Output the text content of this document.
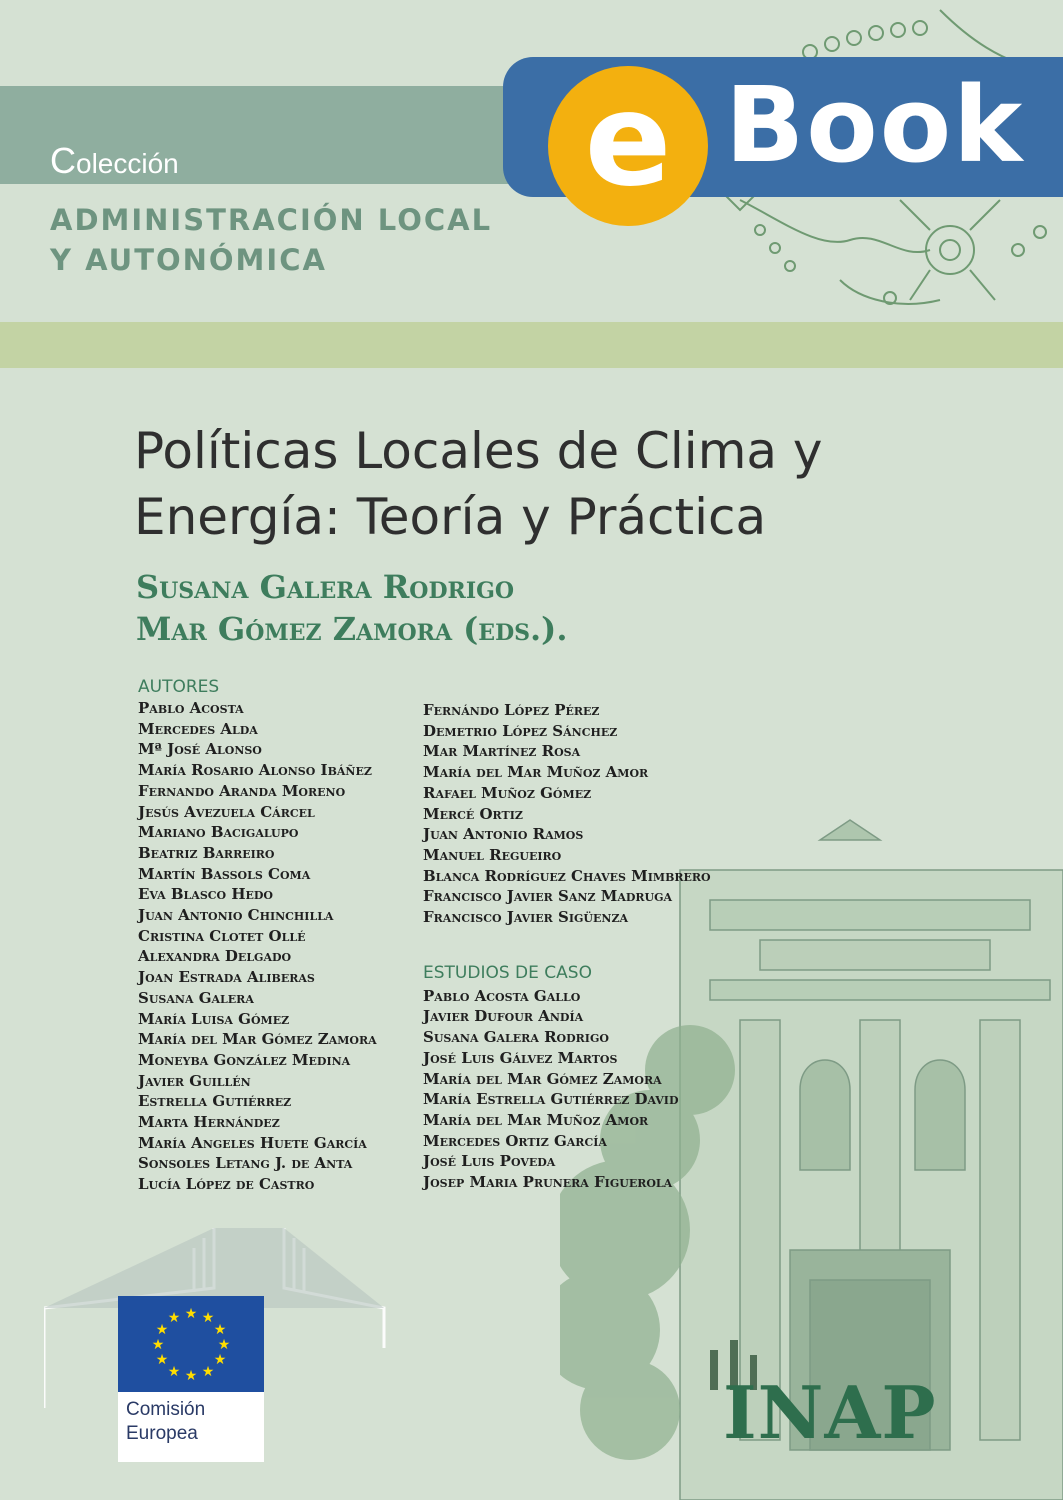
Colección
ADMINISTRACIÓN LOCAL
Y AUTONÓMICA
e Book
Políticas Locales de Clima y
Energía: Teoría y Práctica
Susana Galera Rodrigo
Mar Gómez Zamora (eds.).
AUTORES
Pablo Acosta
Mercedes Alda
Mª José Alonso
María Rosario Alonso Ibáñez
Fernando Aranda Moreno
Jesús Avezuela Cárcel
Mariano Bacigalupo
Beatriz Barreiro
Martín Bassols Coma
Eva Blasco Hedo
Juan Antonio Chinchilla
Cristina Clotet Ollé
Alexandra Delgado
Joan Estrada Aliberas
Susana Galera
María Luisa Gómez
María del Mar Gómez Zamora
Moneyba González Medina
Javier Guillén
Estrella Gutiérrez
Marta Hernández
María Angeles Huete García
Sonsoles Letang J. de Anta
Lucía López de Castro
Fernándo López Pérez
Demetrio López Sánchez
Mar Martínez Rosa
María del Mar Muñoz Amor
Rafael Muñoz Gómez
Mercé Ortiz
Juan Antonio Ramos
Manuel Regueiro
Blanca Rodríguez Chaves Mimbrero
Francisco Javier Sanz Madruga
Francisco Javier Sigüenza
ESTUDIOS DE CASO
Pablo Acosta Gallo
Javier Dufour Andía
Susana Galera Rodrigo
José Luis Gálvez Martos
María del Mar Gómez Zamora
María Estrella Gutiérrez David
María del Mar Muñoz Amor
Mercedes Ortiz García
José Luis Poveda
Josep Maria Prunera Figuerola
★ ★
★
★
★
★
★
★
★
★
★
★
Comisión
Europea	INAP
